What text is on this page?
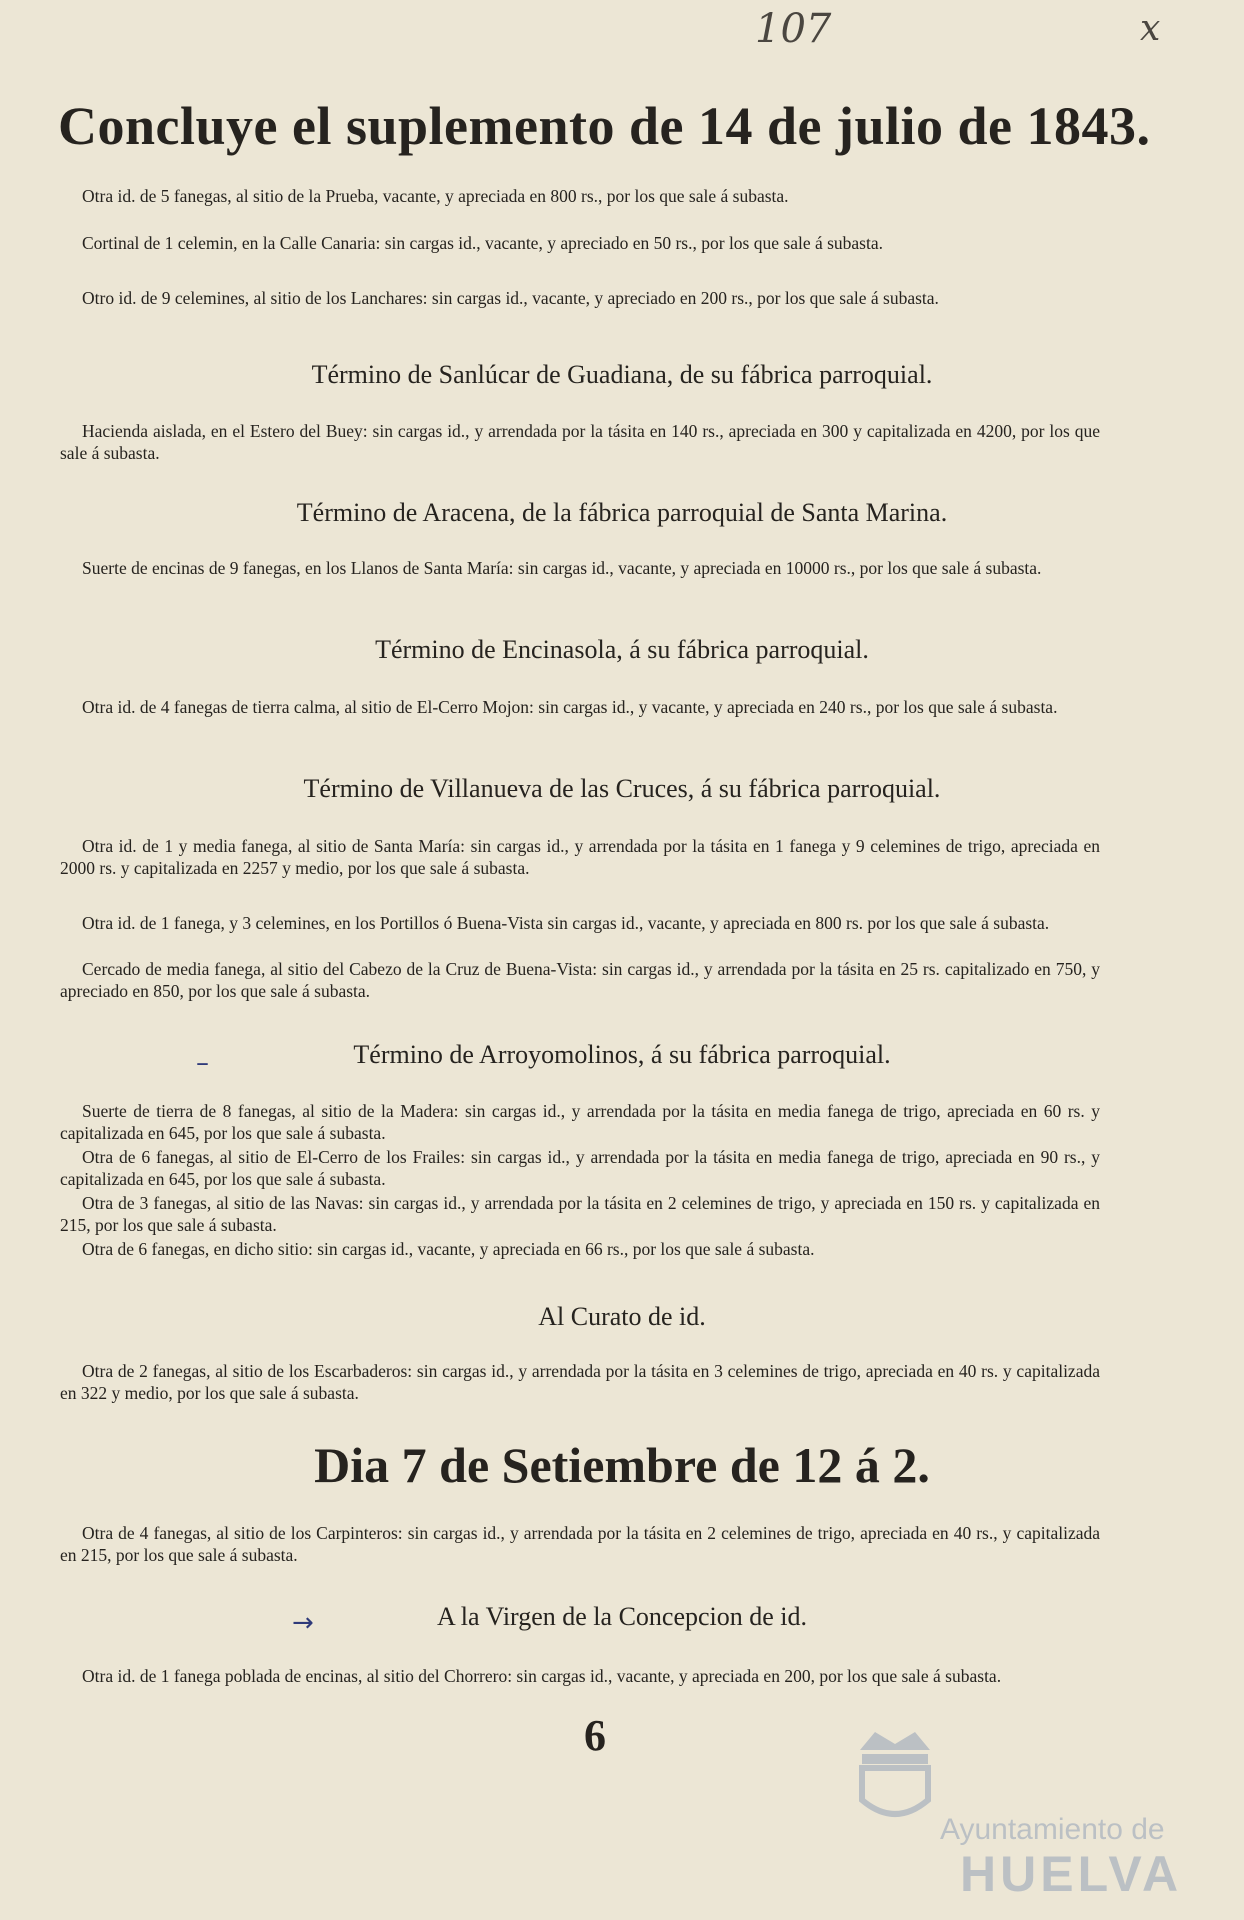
107	x
Concluye el suplemento de 14 de julio de 1843.
Otra id. de 5 fanegas, al sitio de la Prueba, vacante, y apreciada en 800 rs., por los que sale á subasta.
Cortinal de 1 celemin, en la Calle Canaria: sin cargas id., vacante, y apreciado en 50 rs., por los que sale á subasta.
Otro id. de 9 celemines, al sitio de los Lanchares: sin cargas id., vacante, y apreciado en 200 rs., por los que sale á subasta.
Término de Sanlúcar de Guadiana, de su fábrica parroquial.
Hacienda aislada, en el Estero del Buey: sin cargas id., y arrendada por la tásita en 140 rs., apreciada en 300 y capitalizada en 4200, por los que sale á subasta.
Término de Aracena, de la fábrica parroquial de Santa Marina.
Suerte de encinas de 9 fanegas, en los Llanos de Santa María: sin cargas id., vacante, y apreciada en 10000 rs., por los que sale á subasta.
Término de Encinasola, á su fábrica parroquial.
Otra id. de 4 fanegas de tierra calma, al sitio de El-Cerro Mojon: sin cargas id., y vacante, y apreciada en 240 rs., por los que sale á subasta.
Término de Villanueva de las Cruces, á su fábrica parroquial.
Otra id. de 1 y media fanega, al sitio de Santa María: sin cargas id., y arrendada por la tásita en 1 fanega y 9 celemines de trigo, apreciada en 2000 rs. y capitalizada en 2257 y medio, por los que sale á subasta.
Otra id. de 1 fanega, y 3 celemines, en los Portillos ó Buena-Vista sin cargas id., vacante, y apreciada en 800 rs. por los que sale á subasta.
Cercado de media fanega, al sitio del Cabezo de la Cruz de Buena-Vista: sin cargas id., y arrendada por la tásita en 25 rs. capitalizado en 750, y apreciado en 850, por los que sale á subasta.
Término de Arroyomolinos, á su fábrica parroquial.
Suerte de tierra de 8 fanegas, al sitio de la Madera: sin cargas id., y arrendada por la tásita en media fanega de trigo, apreciada en 60 rs. y capitalizada en 645, por los que sale á subasta.
Otra de 6 fanegas, al sitio de El-Cerro de los Frailes: sin cargas id., y arrendada por la tásita en media fanega de trigo, apreciada en 90 rs., y capitalizada en 645, por los que sale á subasta.
Otra de 3 fanegas, al sitio de las Navas: sin cargas id., y arrendada por la tásita en 2 celemines de trigo, y apreciada en 150 rs. y capitalizada en 215, por los que sale á subasta.
Otra de 6 fanegas, en dicho sitio: sin cargas id., vacante, y apreciada en 66 rs., por los que sale á subasta.
Al Curato de id.
Otra de 2 fanegas, al sitio de los Escarbaderos: sin cargas id., y arrendada por la tásita en 3 celemines de trigo, apreciada en 40 rs. y capitalizada en 322 y medio, por los que sale á subasta.
Dia 7 de Setiembre de 12 á 2.
Otra de 4 fanegas, al sitio de los Carpinteros: sin cargas id., y arrendada por la tásita en 2 celemines de trigo, apreciada en 40 rs., y capitalizada en 215, por los que sale á subasta.
A la Virgen de la Concepcion de id.
Otra id. de 1 fanega poblada de encinas, al sitio del Chorrero: sin cargas id., vacante, y apreciada en 200, por los que sale á subasta.
–
→
6
Ayuntamiento de
HUELVA
